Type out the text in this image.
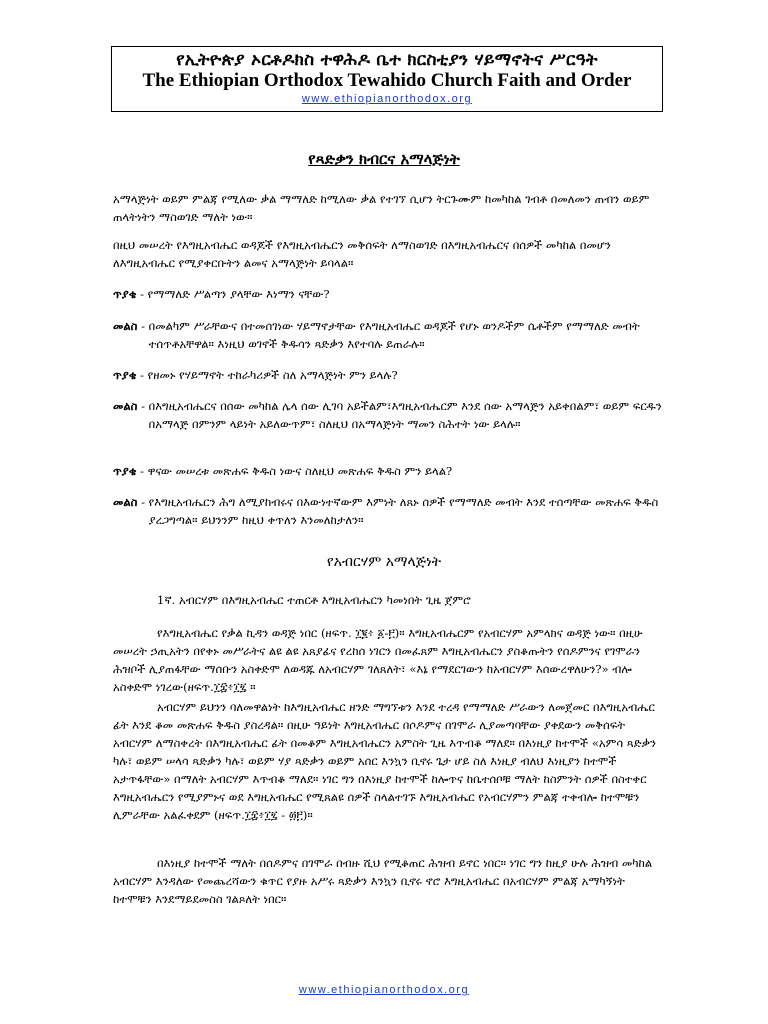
የኢትዮጵያ ኦርቶዶክስ ተዋሕዶ ቤተ ክርስቲያን ሃይማኖትና ሥርዓት
The Ethiopian Orthodox Tewahido Church Faith and Order
www.ethiopianorthodox.org
የጻድቃን ክብርና አማላጅነት
አማላጅነት ወይም ምልጃ የሚለው ቃል ማማለድ ከሚለው ቃል የተገኘ ሲሆን ትርጉሙም ከመካከል ገብቶ በመለመን ጠብን ወይም ጠላትነትን ማስወገድ ማለት ነው።
በዚህ መሠረት የእግዚአብሔር ወዳጆች የእግዚአብሔርን መቅሰፍት ለማስወገድ በእግዚአብሔርና በሰዎች መካከል በመሆን ለእግዚአብሔር የሚያቀርቡትን ልመና አማላጅነት ይባላል።
ጥያቄ - የማማለድ ሥልጣን ያላቸው እነማን ናቸው?
መልስ - በመልካም ሥራቸውና በተመሰገነው ሃይማኖታቸው የእግዚአብሔር ወዳጆች የሆኑ ወንዶችም ሴቶችም የማማለድ መብት ተሰጥቶአቸዋል። እነዚህ ወገኖች ቅዱሳን ጻድቃን እየተባሉ ይጠራሉ።
ጥያቄ - የዘመኑ የሃይማኖት ተከራካሪዎች ስለ አማላጅነት ምን ይላሉ?
መልስ - በእግዚአብሔርና በሰው መካከል ሌላ ሰው ሊገባ አይችልም፣እግዚአብሔርም እንደ ሰው አማላጅን አይቀበልም፣ ወይም ፍርዱን በአማላጅ በምንም ላይነት አይለውጥም፣ ስለዚህ በአማላጅነት ማመን ስሕተት ነው ይላሉ።
ጥያቄ - ዋናው መሠረቱ መጽሐፍ ቅዱስ ነውና ስለዚህ መጽሐፍ ቅዱስ ምን ይላል?
መልስ - የእግዚአብሔርን ሕግ ለሚያከብሩና በእውነተኛውም እምነት ለጸኑ ሰዎች የማማለድ መብት እንደ ተሰጣቸው መጽሐፍ ቅዱስ ያረጋግጣል። ይህንንም ከዚህ ቀጥለን እንመለከታለን።
የአብርሃም አማላጅነት
1ኛ. አብርሃም በእግዚአብሔር ተጠርቶ እግዚአብሔርን ካመነበት ጊዜ ጀምሮ
የእግዚአብሔር የቃል ኪዳን ወዳጅ ነበር (ዘፍጥ. ፲፪፥ ፩-፫)። እግዚአብሔርም የአብርሃም አምላክና ወዳጅ ነው። በዚሁ መሠረት ኃጢአትን በየቀኑ መሥራትና ልዩ ልዩ አጸያፊና የረከሰ ነገርን በመፈጸም እግዚአብሔርን ያስቆጡትን የሰዶምንና የገሞራን ሕዝቦች ሊያጠፋቸው ማሰቡን አስቀድሞ ለወዳጁ ለአብርሃም ገለጸለት፣ «እኔ የማደርገውን ከአብርሃም እሰውረዋለሁን?» ብሎ አስቀድሞ ነገረው(ዘፍጥ.፲፰፥፲፯ ።
አብርሃም ይህንን ባለመዋልነት ከእግዚአብሔር ዘንድ ማግኘቱን እንደ ተረዳ የማማለድ ሥራውን ለመጀመር በእግዚአብሔር ፊት እንደ ቆመ መጽሐፍ ቅዱስ ያስረዳል። በዚሁ ዓይነት እግዚአብሔር በሶዶምና በገሞራ ሊያመጣባቸው ያቀደውን መቅሰፍት አብርሃም ለማስቀረት በእግዚአብሔር ፊት በመቆም እግዚአብሔርን አምስት ጊዜ እጥብቆ ማለደ። በእነዚያ ከተሞች «አምሳ ጻድቃን ካሉ፣ ወይም ሠላሳ ጻድቃን ካሉ፣ ወይም ሃያ ጻድቃን ወይም አሰር እንኳን ቢኖሩ ጌታ ሆይ ስለ እነዚያ ብለህ እነዚያን ከተሞች አታጥፋቸው» በማለት አብርሃም እጥብቆ ማለደ። ነገር ግን በእነዚያ ከተሞች ከሎጥና ከቤተሰቦቹ ማለት ከስምንት ሰዎች በስተቀር እግዚአብሔርን የሚያምኑና ወደ እግዚአብሔር የሚጸልዩ ሰዎች ስላልተገኙ እግዚአብሔር የአብርሃምን ምልጃ ተቀብሎ ከተሞቹን ሊምራቸው አልፈቀደም (ዘፍጥ.፲፰፥፲፯ - ፴፫)።
በእነዚያ ከተሞች ማለት በሰዶምና በገሞራ በብዙ ሺህ የሚቆጠር ሕዝብ ይኖር ነበር። ነገር ግን ከዚያ ሁሉ ሕዝብ መካከል አብርሃም እንዳለው የመጨረሻውን ቁጥር የያዙ አሥሩ ጻድቃን እንኳን ቢኖሩ ኖሮ እግዚአብሔር በአብርሃም ምልጃ አማካኝነት ከተሞቹን እንደማይደመስስ ገልጾለት ነበር።
www.ethiopianorthodox.org
